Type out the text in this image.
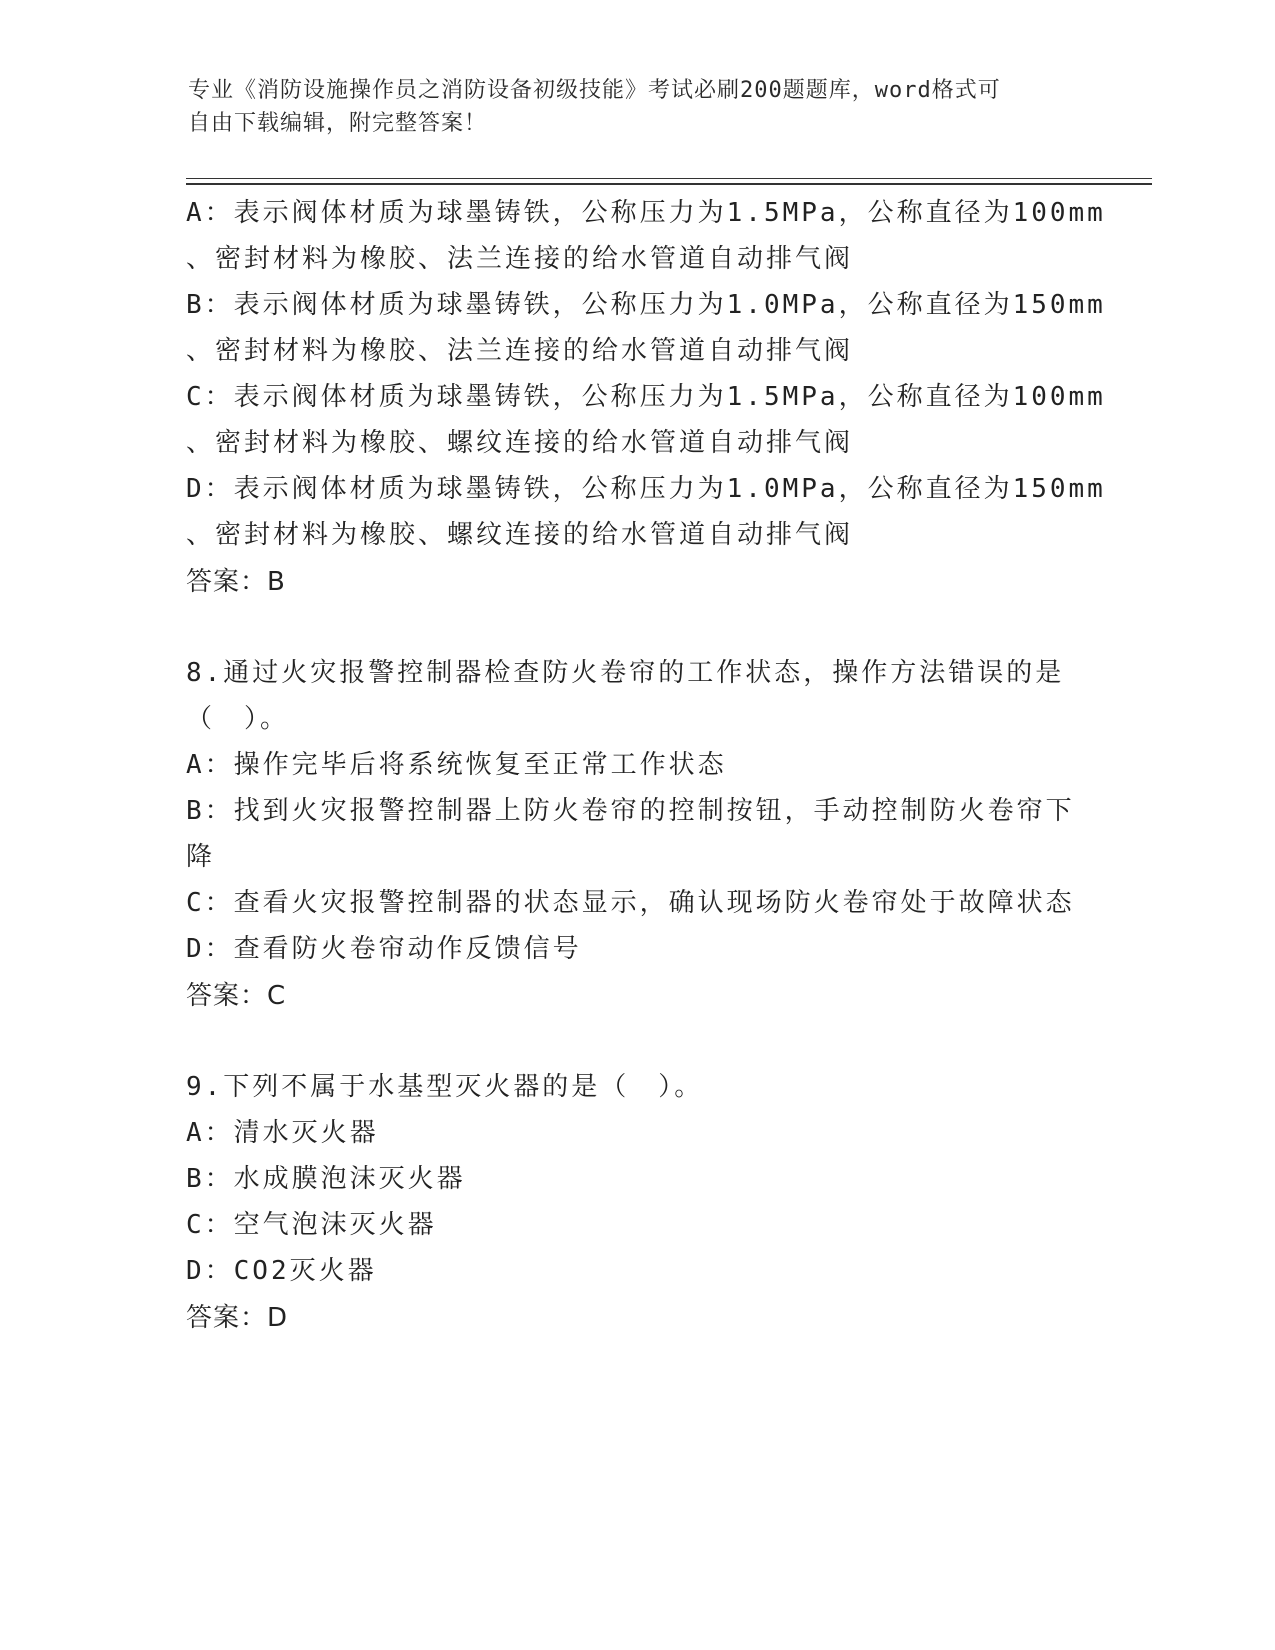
专业《消防设施操作员之消防设备初级技能》考试必刷200题题库，word格式可
自由下载编辑，附完整答案！
A：表示阀体材质为球墨铸铁，公称压力为1.5MPa，公称直径为100mm
、密封材料为橡胶、法兰连接的给水管道自动排气阀
B：表示阀体材质为球墨铸铁，公称压力为1.0MPa，公称直径为150mm
、密封材料为橡胶、法兰连接的给水管道自动排气阀
C：表示阀体材质为球墨铸铁，公称压力为1.5MPa，公称直径为100mm
、密封材料为橡胶、螺纹连接的给水管道自动排气阀
D：表示阀体材质为球墨铸铁，公称压力为1.0MPa，公称直径为150mm
、密封材料为橡胶、螺纹连接的给水管道自动排气阀
答案：B
8.通过火灾报警控制器检查防火卷帘的工作状态，操作方法错误的是
（　）。
A：操作完毕后将系统恢复至正常工作状态
B：找到火灾报警控制器上防火卷帘的控制按钮，手动控制防火卷帘下
降
C：查看火灾报警控制器的状态显示，确认现场防火卷帘处于故障状态
D：查看防火卷帘动作反馈信号
答案：C
9.下列不属于水基型灭火器的是（　）。
A：清水灭火器
B：水成膜泡沫灭火器
C：空气泡沫灭火器
D：CO2灭火器
答案：D
